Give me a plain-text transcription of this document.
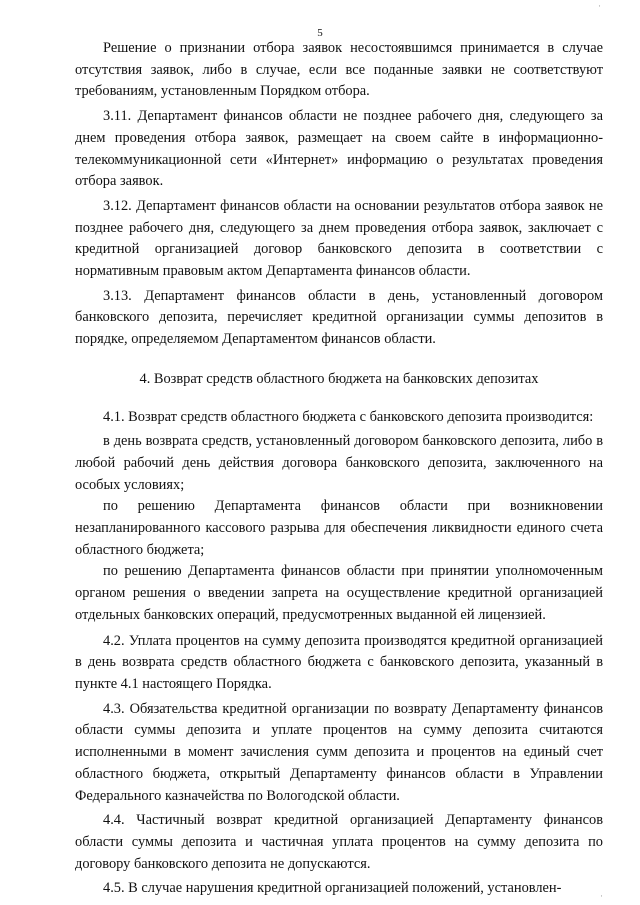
5

Решение о признании отбора заявок несостоявшимся принимается в случае отсутствия заявок, либо в случае, если все поданные заявки не соответствуют требованиям, установленным Порядком отбора.

3.11. Департамент финансов области не позднее рабочего дня, следующего за днем проведения отбора заявок, размещает на своем сайте в информационно-телекоммуникационной сети «Интернет» информацию о результатах проведения отбора заявок.

3.12. Департамент финансов области на основании результатов отбора заявок не позднее рабочего дня, следующего за днем проведения отбора заявок, заключает с кредитной организацией договор банковского депозита в соответствии с нормативным правовым актом Департамента финансов области.

3.13. Департамент финансов области в день, установленный договором банковского депозита, перечисляет кредитной организации суммы депозитов в порядке, определяемом Департаментом финансов области.

4. Возврат средств областного бюджета на банковских депозитах

4.1. Возврат средств областного бюджета с банковского депозита производится:

в день возврата средств, установленный договором банковского депозита, либо в любой рабочий день действия договора банковского депозита, заключенного на особых условиях;

по решению Департамента финансов области при возникновении незапланированного кассового разрыва для обеспечения ликвидности единого счета областного бюджета;

по решению Департамента финансов области при принятии уполномоченным органом решения о введении запрета на осуществление кредитной организацией отдельных банковских операций, предусмотренных выданной ей лицензией.

4.2. Уплата процентов на сумму депозита производятся кредитной организацией в день возврата средств областного бюджета с банковского депозита, указанный в пункте 4.1 настоящего Порядка.

4.3. Обязательства кредитной организации по возврату Департаменту финансов области суммы депозита и уплате процентов на сумму депозита считаются исполненными в момент зачисления сумм депозита и процентов на единый счет областного бюджета, открытый Департаменту финансов области в Управлении Федерального казначейства по Вологодской области.

4.4. Частичный возврат кредитной организацией Департаменту финансов области суммы депозита и частичная уплата процентов на сумму депозита по договору банковского депозита не допускаются.

4.5. В случае нарушения кредитной организацией положений, установлен-

·
·
